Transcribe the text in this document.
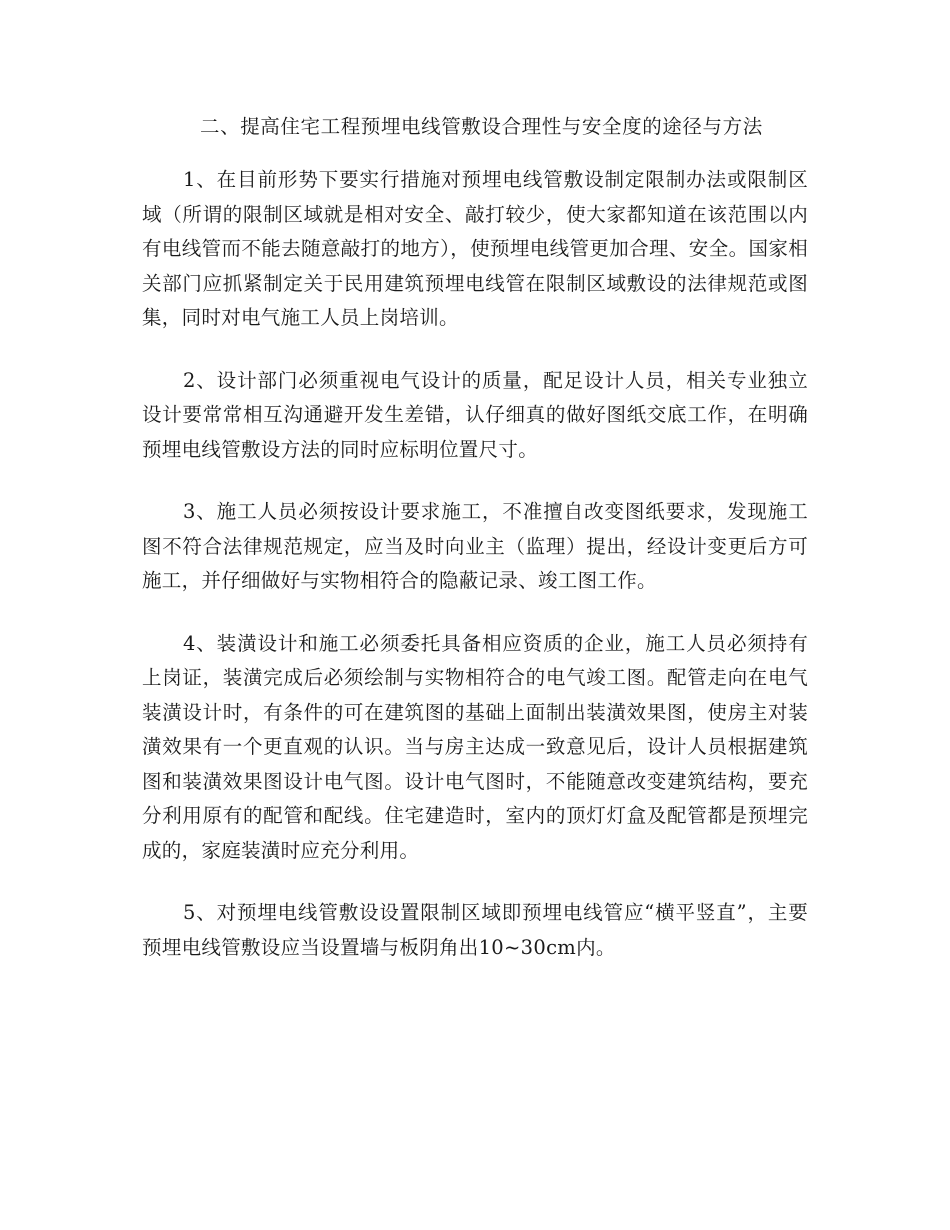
二、提高住宅工程预埋电线管敷设合理性与安全度的途径与方法

1、在目前形势下要实行措施对预埋电线管敷设制定限制办法或限制区域（所谓的限制区域就是相对安全、敲打较少，使大家都知道在该范围以内有电线管而不能去随意敲打的地方），使预埋电线管更加合理、安全。国家相关部门应抓紧制定关于民用建筑预埋电线管在限制区域敷设的法律规范或图集，同时对电气施工人员上岗培训。

2、设计部门必须重视电气设计的质量，配足设计人员，相关专业独立设计要常常相互沟通避开发生差错，认仔细真的做好图纸交底工作，在明确预埋电线管敷设方法的同时应标明位置尺寸。

3、施工人员必须按设计要求施工，不准擅自改变图纸要求，发现施工图不符合法律规范规定，应当及时向业主（监理）提出，经设计变更后方可施工，并仔细做好与实物相符合的隐蔽记录、竣工图工作。

4、装潢设计和施工必须委托具备相应资质的企业，施工人员必须持有上岗证，装潢完成后必须绘制与实物相符合的电气竣工图。配管走向在电气装潢设计时，有条件的可在建筑图的基础上面制出装潢效果图，使房主对装潢效果有一个更直观的认识。当与房主达成一致意见后，设计人员根据建筑图和装潢效果图设计电气图。设计电气图时，不能随意改变建筑结构，要充分利用原有的配管和配线。住宅建造时，室内的顶灯灯盒及配管都是预埋完成的，家庭装潢时应充分利用。

5、对预埋电线管敷设设置限制区域即预埋电线管应“横平竖直”，主要预埋电线管敷设应当设置墙与板阴角出10~30cm内。
